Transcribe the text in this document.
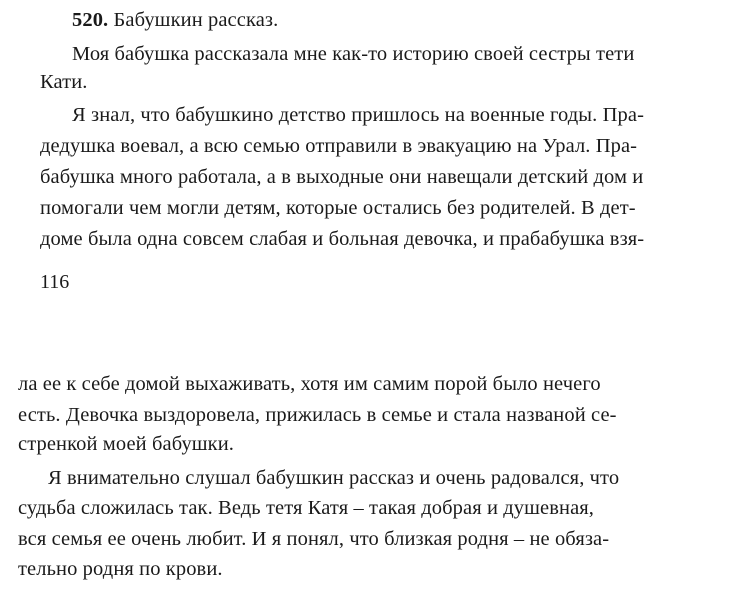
520. Бабушкин рассказ.
Моя бабушка рассказала мне как-то историю своей сестры тети
Кати.
Я знал, что бабушкино детство пришлось на военные годы. Пра-
дедушка воевал, а всю семью отправили в эвакуацию на Урал. Пра-
бабушка много работала, а в выходные они навещали детский дом и
помогали чем могли детям, которые остались без родителей. В дет-
доме была одна совсем слабая и больная девочка, и прабабушка взя-
116
ла ее к себе домой выхаживать, хотя им самим порой было нечего
есть. Девочка выздоровела, прижилась в семье и стала названой се-
стренкой моей бабушки.
Я внимательно слушал бабушкин рассказ и очень радовался, что
судьба сложилась так. Ведь тетя Катя – такая добрая и душевная,
вся семья ее очень любит. И я понял, что близкая родня – не обяза-
тельно родня по крови.
